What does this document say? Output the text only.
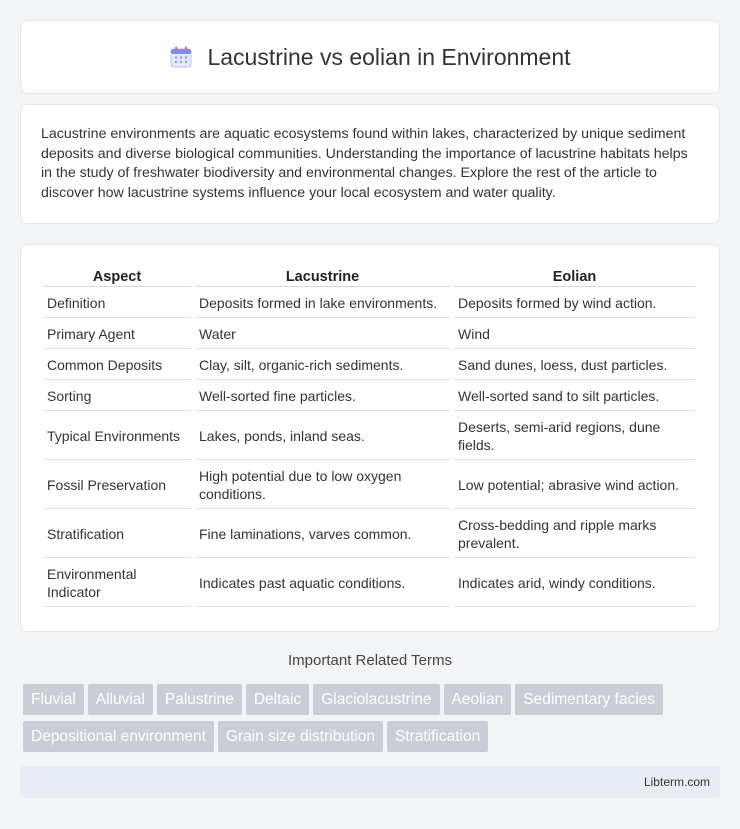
Lacustrine vs eolian in Environment

Lacustrine environments are aquatic ecosystems found within lakes, characterized by unique sediment deposits and diverse biological communities. Understanding the importance of lacustrine habitats helps in the study of freshwater biodiversity and environmental changes. Explore the rest of the article to discover how lacustrine systems influence your local ecosystem and water quality.

Aspect	Lacustrine	Eolian
Definition	Deposits formed in lake environments.	Deposits formed by wind action.
Primary Agent	Water	Wind
Common Deposits	Clay, silt, organic-rich sediments.	Sand dunes, loess, dust particles.
Sorting	Well-sorted fine particles.	Well-sorted sand to silt particles.
Typical Environments	Lakes, ponds, inland seas.	Deserts, semi-arid regions, dune fields.
Fossil Preservation	High potential due to low oxygen conditions.	Low potential; abrasive wind action.
Stratification	Fine laminations, varves common.	Cross-bedding and ripple marks prevalent.
Environmental Indicator	Indicates past aquatic conditions.	Indicates arid, windy conditions.
Important Related Terms
Fluvial Alluvial Palustrine Deltaic Glaciolacustrine Aeolian Sedimentary faciesDepositional environment Grain size distribution Stratification
Libterm.com
